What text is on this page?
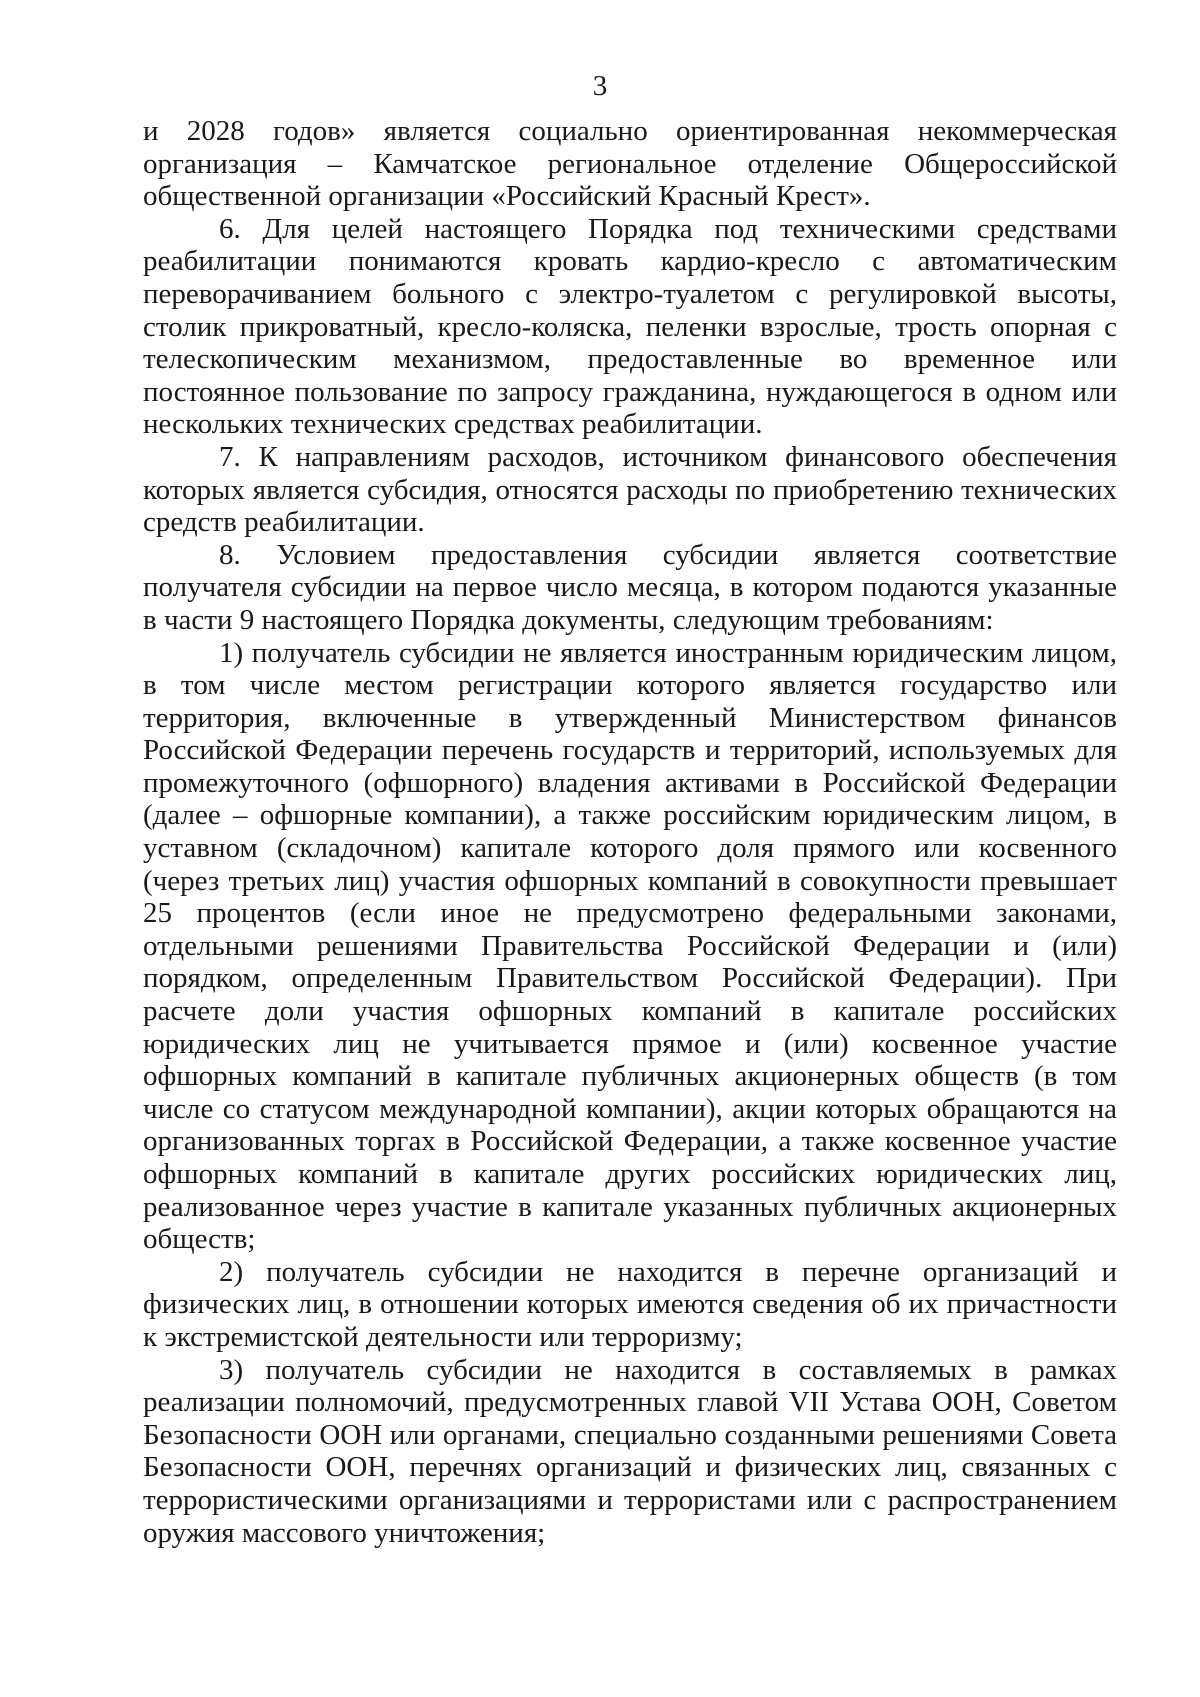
3

и 2028 годов» является социально ориентированная некоммерческая организация – Камчатское региональное отделение Общероссийской общественной организации «Российский Красный Крест».

6. Для целей настоящего Порядка под техническими средствами реабилитации понимаются кровать кардио-кресло с автоматическим переворачиванием больного с электро-туалетом с регулировкой высоты, столик прикроватный, кресло-коляска, пеленки взрослые, трость опорная с телескопическим механизмом, предоставленные во временное или постоянное пользование по запросу гражданина, нуждающегося в одном или нескольких технических средствах реабилитации.

7. К направлениям расходов, источником финансового обеспечения которых является субсидия, относятся расходы по приобретению технических средств реабилитации.

8. Условием предоставления субсидии является соответствие получателя субсидии на первое число месяца, в котором подаются указанные в части 9 настоящего Порядка документы, следующим требованиям:

1) получатель субсидии не является иностранным юридическим лицом, в том числе местом регистрации которого является государство или территория, включенные в утвержденный Министерством финансов Российской Федерации перечень государств и территорий, используемых для промежуточного (офшорного) владения активами в Российской Федерации (далее – офшорные компании), а также российским юридическим лицом, в уставном (складочном) капитале которого доля прямого или косвенного (через третьих лиц) участия офшорных компаний в совокупности превышает 25 процентов (если иное не предусмотрено федеральными законами, отдельными решениями Правительства Российской Федерации и (или) порядком, определенным Правительством Российской Федерации). При расчете доли участия офшорных компаний в капитале российских юридических лиц не учитывается прямое и (или) косвенное участие офшорных компаний в капитале публичных акционерных обществ (в том числе со статусом международной компании), акции которых обращаются на организованных торгах в Российской Федерации, а также косвенное участие офшорных компаний в капитале других российских юридических лиц, реализованное через участие в капитале указанных публичных акционерных обществ;

2) получатель субсидии не находится в перечне организаций и физических лиц, в отношении которых имеются сведения об их причастности к экстремистской деятельности или терроризму;

3) получатель субсидии не находится в составляемых в рамках реализации полномочий, предусмотренных главой VII Устава ООН, Советом Безопасности ООН или органами, специально созданными решениями Совета Безопасности ООН, перечнях организаций и физических лиц, связанных с террористическими организациями и террористами или с распространением оружия массового уничтожения;
